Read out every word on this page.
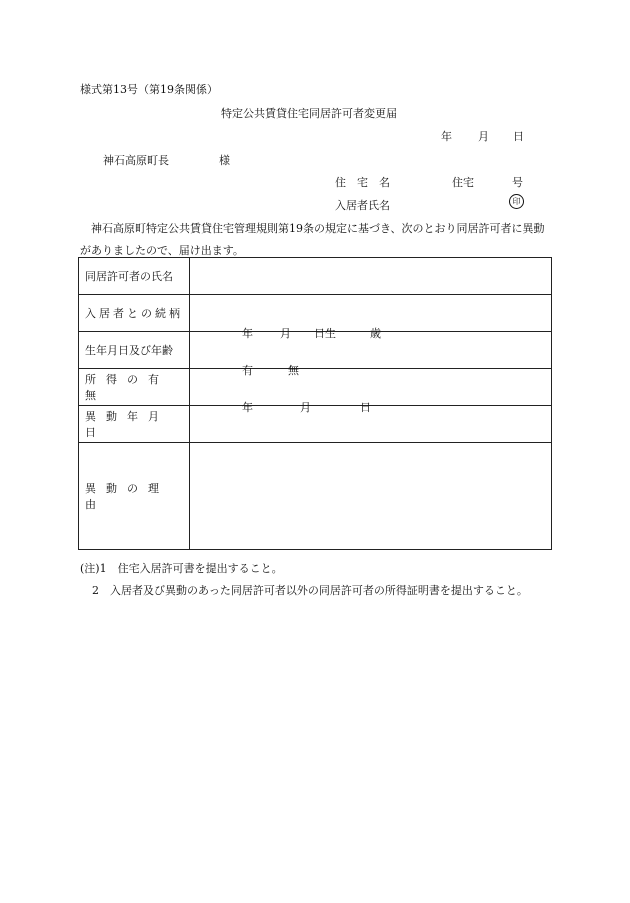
様式第13号（第19条関係）
特定公共賃貸住宅同居許可者変更届
年 月 日
神石高原町長	様
住　宅　名	住宅	号
入居者氏名	印
神石高原町特定公共賃貸住宅管理規則第19条の規定に基づき、次のとおり同居許可者に異動がありましたので、届け出ます。
同居許可者の氏名	
入居者との続柄	
生年月日及び年齢	年 月 日生 歳

所得の有無	有 無

異動年月日	年 月 日

異動の理由	
(注)1　住宅入居許可書を提出すること。
2　入居者及び異動のあった同居許可者以外の同居許可者の所得証明書を提出すること。
